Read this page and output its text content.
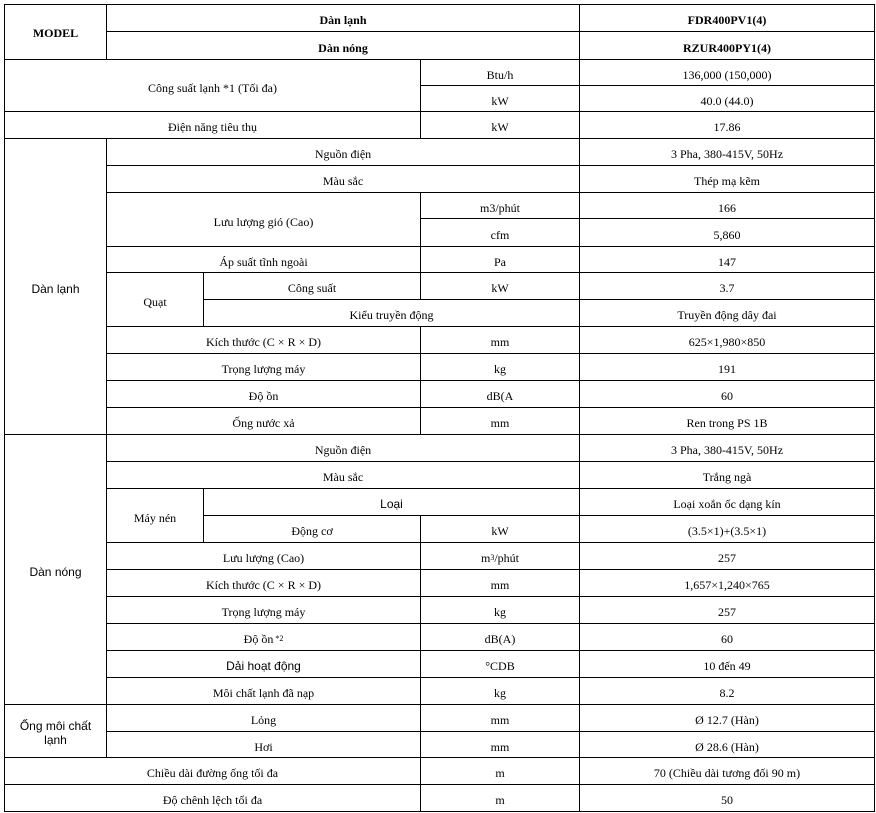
MODEL
Dàn lạnh	FDR400PV1(4)
Dàn nóng	RZUR400PY1(4)
Công suất lạnh *1 (Tối đa)
Btu/h	136,000 (150,000)
kW	40.0 (44.0)
Điện năng tiêu thụ	kW	17.86
Dàn lạnh
Nguồn điện	3 Pha, 380-415V, 50Hz
Màu sắc	Thép mạ kẽm
Lưu lượng gió (Cao)
m3/phút	166
cfm	5,860
Áp suất tĩnh ngoài	Pa	147
Quạt
Công suất	kW	3.7
Kiểu truyền động	Truyền động dây đai
Kích thước (C × R × D)	mm	625×1,980×850
Trọng lượng máy	kg	191
Độ ồn	dB(A	60
Ống nước xả	mm	Ren trong PS 1B
Dàn nóng
Nguồn điện	3 Pha, 380-415V, 50Hz
Màu sắc	Trắng ngà
Máy nén
Loại	Loại xoắn ốc dạng kín
Động cơ	kW	(3.5×1)+(3.5×1)
Lưu lượng (Cao)	m 3 /phút	257
Kích thước (C × R × D)	mm	1,657×1,240×765
Trọng lượng máy	kg	257
Độ ồn *2	dB(A)	60
Dải hoạt động	°CDB	10 đến 49
Môi chất lạnh đã nạp	kg	8.2
Ống môi chất lạnh
Lỏng	mm	Ø 12.7 (Hàn)
Hơi	mm	Ø 28.6 (Hàn)
Chiều dài đường ống tối đa	m	70 (Chiều dài tương đối 90 m)
Độ chênh lệch tối đa	m	50
